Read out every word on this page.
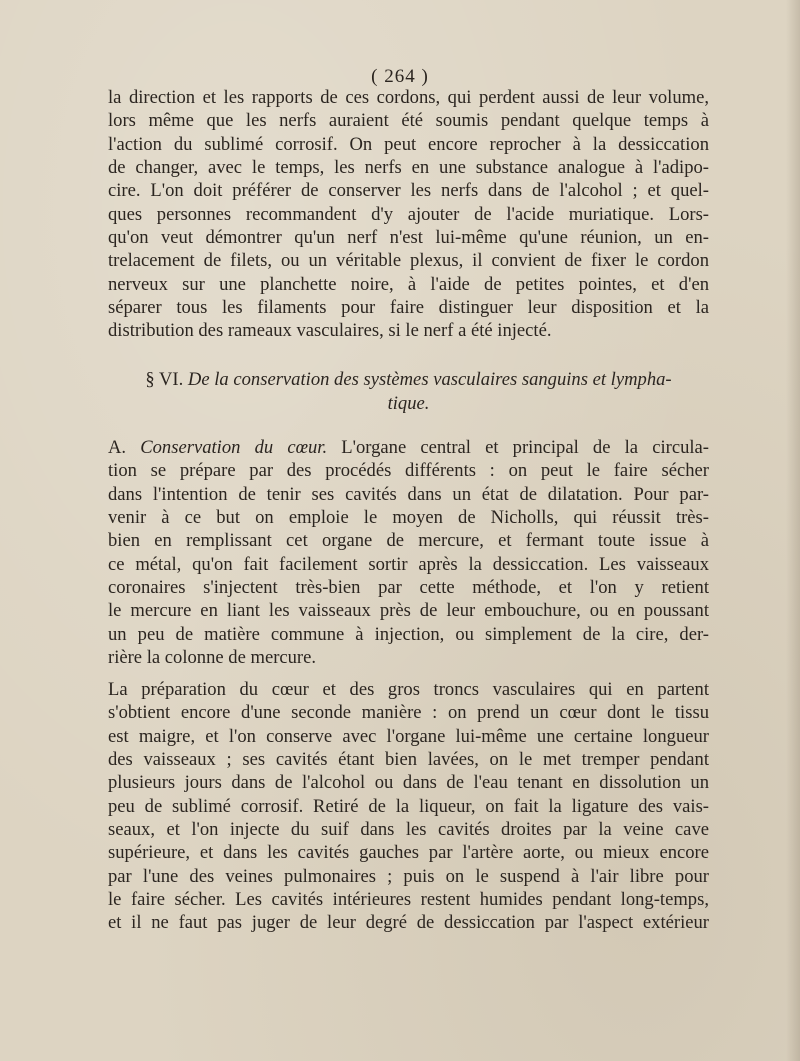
( 264 )
la direction et les rapports de ces cordons, qui perdent aussi de leur volume,
lors même que les nerfs auraient été soumis pendant quelque temps à
l'action du sublimé corrosif. On peut encore reprocher à la dessiccation
de changer, avec le temps, les nerfs en une substance analogue à l'adipo-
cire. L'on doit préférer de conserver les nerfs dans de l'alcohol ; et quel-
ques personnes recommandent d'y ajouter de l'acide muriatique. Lors-
qu'on veut démontrer qu'un nerf n'est lui-même qu'une réunion, un en-
trelacement de filets, ou un véritable plexus, il convient de fixer le cordon
nerveux sur une planchette noire, à l'aide de petites pointes, et d'en
séparer tous les filaments pour faire distinguer leur disposition et la
distribution des rameaux vasculaires, si le nerf a été injecté.
§ VI. De la conservation des systèmes vasculaires sanguins et lympha-
tique.
A. Conservation du cœur. L'organe central et principal de la circula-
tion se prépare par des procédés différents : on peut le faire sécher
dans l'intention de tenir ses cavités dans un état de dilatation. Pour par-
venir à ce but on emploie le moyen de Nicholls, qui réussit très-
bien en remplissant cet organe de mercure, et fermant toute issue à
ce métal, qu'on fait facilement sortir après la dessiccation. Les vaisseaux
coronaires s'injectent très-bien par cette méthode, et l'on y retient
le mercure en liant les vaisseaux près de leur embouchure, ou en poussant
un peu de matière commune à injection, ou simplement de la cire, der-
rière la colonne de mercure.
La préparation du cœur et des gros troncs vasculaires qui en partent
s'obtient encore d'une seconde manière : on prend un cœur dont le tissu
est maigre, et l'on conserve avec l'organe lui-même une certaine longueur
des vaisseaux ; ses cavités étant bien lavées, on le met tremper pendant
plusieurs jours dans de l'alcohol ou dans de l'eau tenant en dissolution un
peu de sublimé corrosif. Retiré de la liqueur, on fait la ligature des vais-
seaux, et l'on injecte du suif dans les cavités droites par la veine cave
supérieure, et dans les cavités gauches par l'artère aorte, ou mieux encore
par l'une des veines pulmonaires ; puis on le suspend à l'air libre pour
le faire sécher. Les cavités intérieures restent humides pendant long-temps,
et il ne faut pas juger de leur degré de dessiccation par l'aspect extérieur
